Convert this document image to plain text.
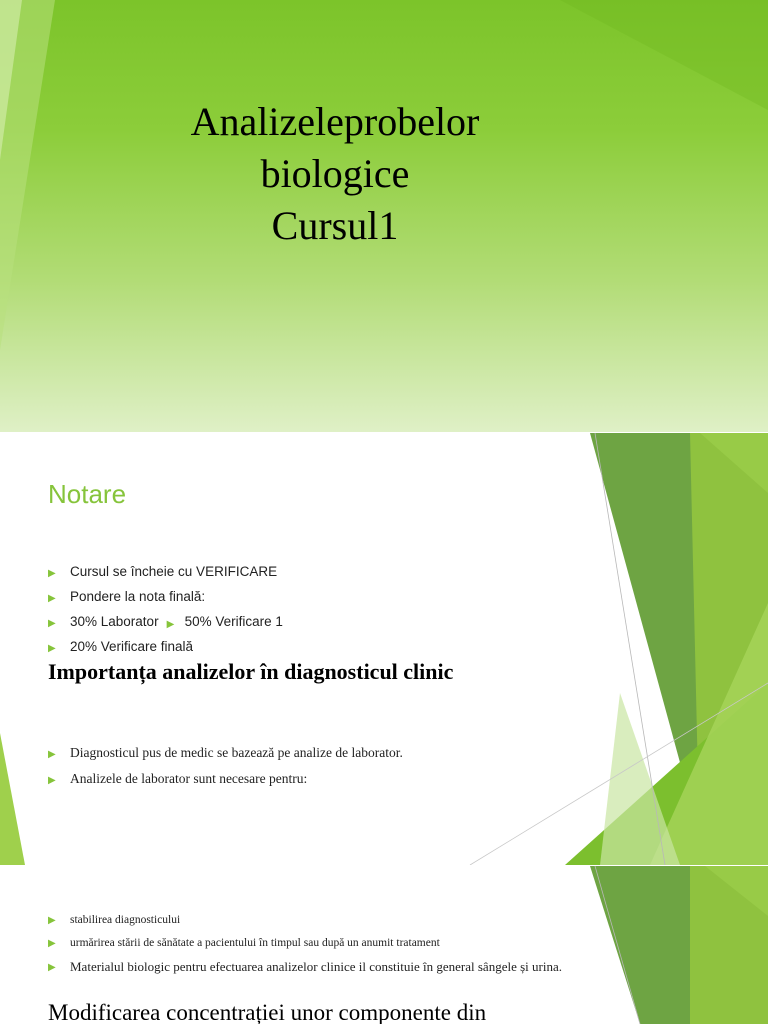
Analizeleprobelor
biologice
Cursul1
Notare
▶ Cursul se încheie cu VERIFICARE
▶ Pondere la nota finală:
▶ 30% Laborator ▶ 50% Verificare 1
▶ 20% Verificare finală
Importanța analizelor în diagnosticul clinic
▶ Diagnosticul pus de medic se bazează pe analize de laborator.
▶ Analizele de laborator sunt necesare pentru:
▶ stabilirea diagnosticului
▶ urmărirea stării de sănătate a pacientului în timpul sau după un anumit tratament
▶ Materialul biologic pentru efectuarea analizelor clinice il constituie în general sângele și urina.
Modificarea concentrației unor componente din
